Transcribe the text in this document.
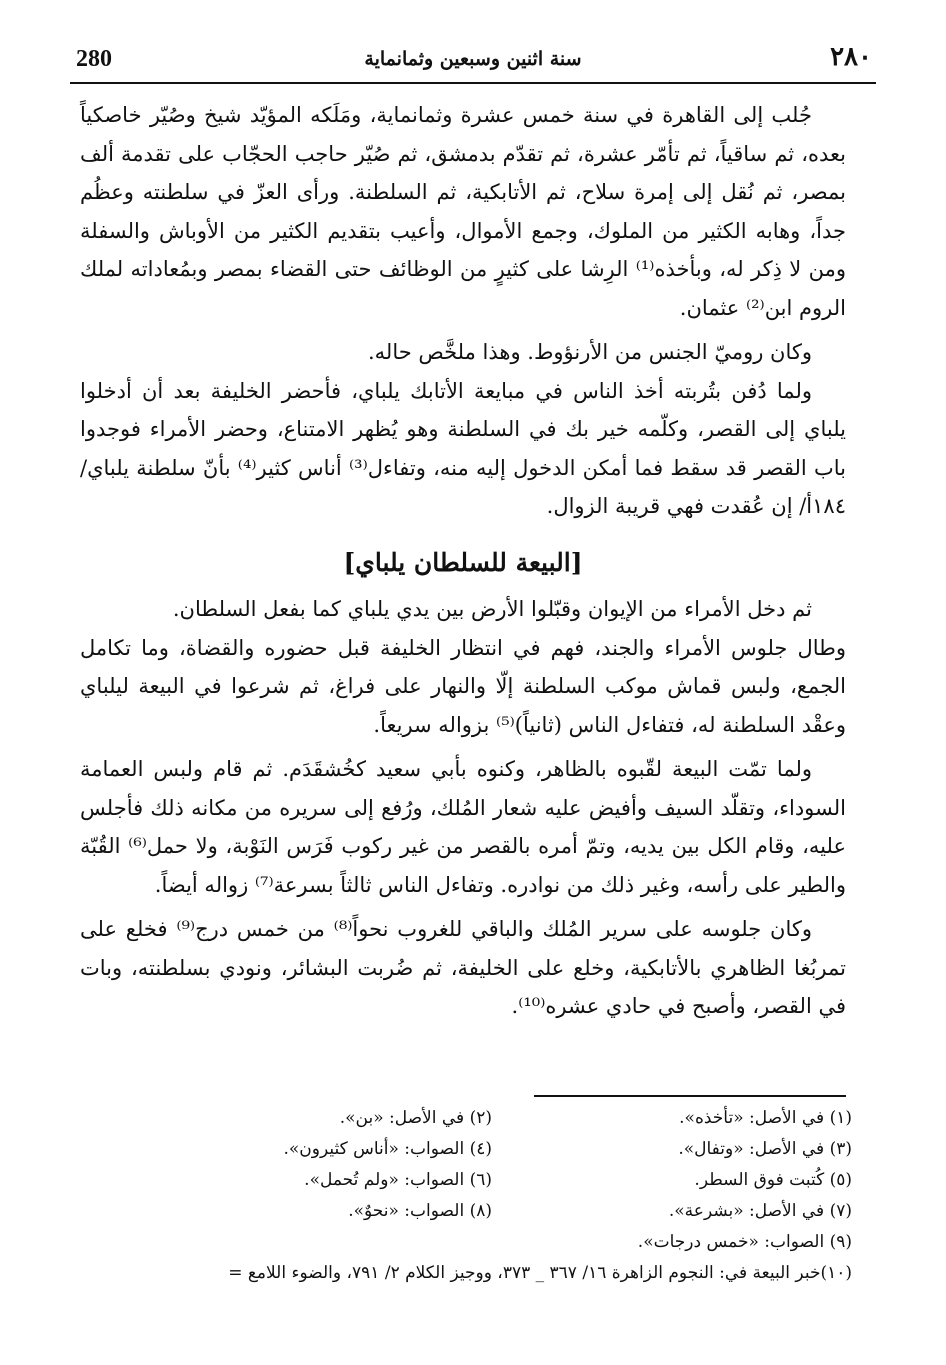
280	سنة اثنين وسبعين وثمانماية	٢٨٠

جُلب إلى القاهرة في سنة خمس عشرة وثمانماية، ومَلَكه المؤيّد شيخ وصُيّر خاصكياً بعده، ثم ساقياً، ثم تأمّر عشرة، ثم تقدّم بدمشق، ثم صُيّر حاجب الحجّاب على تقدمة ألف بمصر، ثم نُقل إلى إمرة سلاح، ثم الأتابكية، ثم السلطنة. ورأى العزّ في سلطنته وعظُم جداً، وهابه الكثير من الملوك، وجمع الأموال، وأعيب بتقديم الكثير من الأوباش والسفلة ومن لا ذِكر له، وبأخذه⁽¹⁾ الرِشا على كثيرٍ من الوظائف حتى القضاء بمصر وبمُعاداته لملك الروم ابن⁽²⁾ عثمان.

وكان روميّ الجنس من الأرنؤوط. وهذا ملخَّص حاله.

ولما دُفن بتُربته أخذ الناس في مبايعة الأتابك يلباي، فأحضر الخليفة بعد أن أدخلوا يلباي إلى القصر، وكلّمه خير بك في السلطنة وهو يُظهر الامتناع، وحضر الأمراء فوجدوا باب القصر قد سقط فما أمكن الدخول إليه منه، وتفاءل⁽³⁾ أناس كثير⁽⁴⁾ بأنّ سلطنة يلباي/ ١٨٤أ/ إن عُقدت فهي قريبة الزوال.

[البيعة للسلطان يلباي]

ثم دخل الأمراء من الإيوان وقبّلوا الأرض بين يدي يلباي كما بفعل السلطان.

وطال جلوس الأمراء والجند، فهم في انتظار الخليفة قبل حضوره والقضاة، وما تكامل الجمع، ولبس قماش موكب السلطنة إلّا والنهار على فراغ، ثم شرعوا في البيعة ليلباي وعقْد السلطنة له، فتفاءل الناس (ثانياً)⁽⁵⁾ بزواله سريعاً.

ولما تمّت البيعة لقّبوه بالظاهر، وكنوه بأبي سعيد كخُشقَدَم. ثم قام ولبس العمامة السوداء، وتقلّد السيف وأفيض عليه شعار المُلك، ورُفع إلى سريره من مكانه ذلك فأجلس عليه، وقام الكل بين يديه، وتمّ أمره بالقصر من غير ركوب فَرَس النَوْبة، ولا حمل⁽⁶⁾ القُبّة والطير على رأسه، وغير ذلك من نوادره. وتفاءل الناس ثالثاً بسرعة⁽⁷⁾ زواله أيضاً.

وكان جلوسه على سرير المُلك والباقي للغروب نحواً⁽⁸⁾ من خمس درج⁽⁹⁾ فخلع على تمربُغا الظاهري بالأتابكية، وخلع على الخليفة، ثم ضُربت البشائر، ونودي بسلطنته، وبات في القصر، وأصبح في حادي عشره⁽¹⁰⁾.

(١) في الأصل: «تأخذه».
(٢) في الأصل: «بن».
(٣) في الأصل: «وتفال».
(٤) الصواب: «أناس كثيرون».
(٥) كُتبت فوق السطر.
(٦) الصواب: «ولم تُحمل».
(٧) في الأصل: «بشرعة».
(٨) الصواب: «نحوٌ».
(٩) الصواب: «خمس درجات».
(١٠)خبر البيعة في: النجوم الزاهرة ١٦/ ٣٦٧ _ ٣٧٣، ووجيز الكلام ٢/ ٧٩١، والضوء اللامع =
